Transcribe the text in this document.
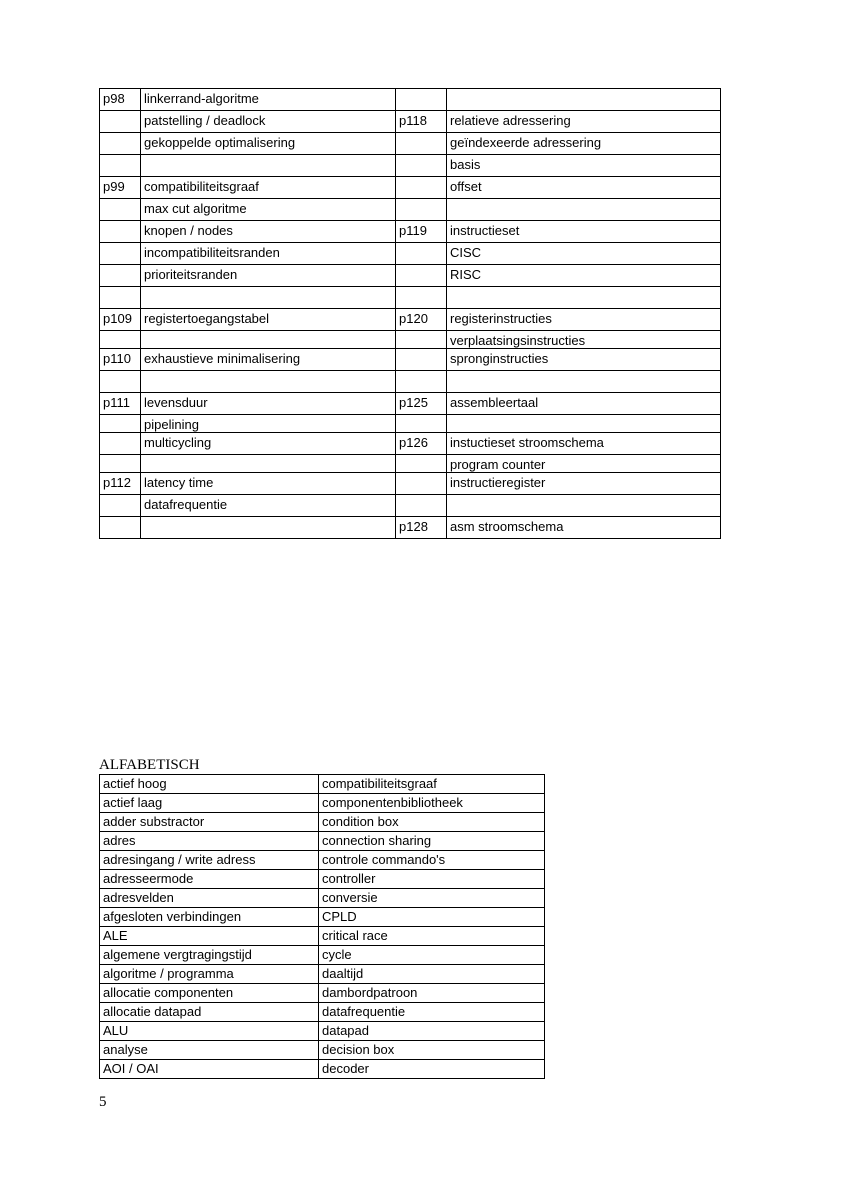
p98	linkerrand-algoritme		
	patstelling / deadlock	p118	relatieve adressering
	gekoppelde optimalisering		geïndexeerde adressering
			basis
p99	compatibiliteitsgraaf		offset
	max cut algoritme		
	knopen / nodes	p119	instructieset
	incompatibiliteitsranden		CISC
	prioriteitsranden		RISC

p109	registertoegangstabel	p120	registerinstructies
			verplaatsingsinstructies
p110	exhaustieve minimalisering		spronginstructies

p111	levensduur	p125	assembleertaal
	pipelining		
	multicycling	p126	instuctieset stroomschema
			program counter
p112	latency time		instructieregister
	datafrequentie		
		p128	asm stroomschema
ALFABETISCH
actief hoog	compatibiliteitsgraaf
actief laag	componentenbibliotheek
adder substractor	condition box
adres	connection sharing
adresingang / write adress	controle commando's
adresseermode	controller
adresvelden	conversie
afgesloten verbindingen	CPLD
ALE	critical race
algemene vergtragingstijd	cycle
algoritme / programma	daaltijd
allocatie componenten	dambordpatroon
allocatie datapad	datafrequentie
ALU	datapad
analyse	decision box
AOI / OAI	decoder
5
